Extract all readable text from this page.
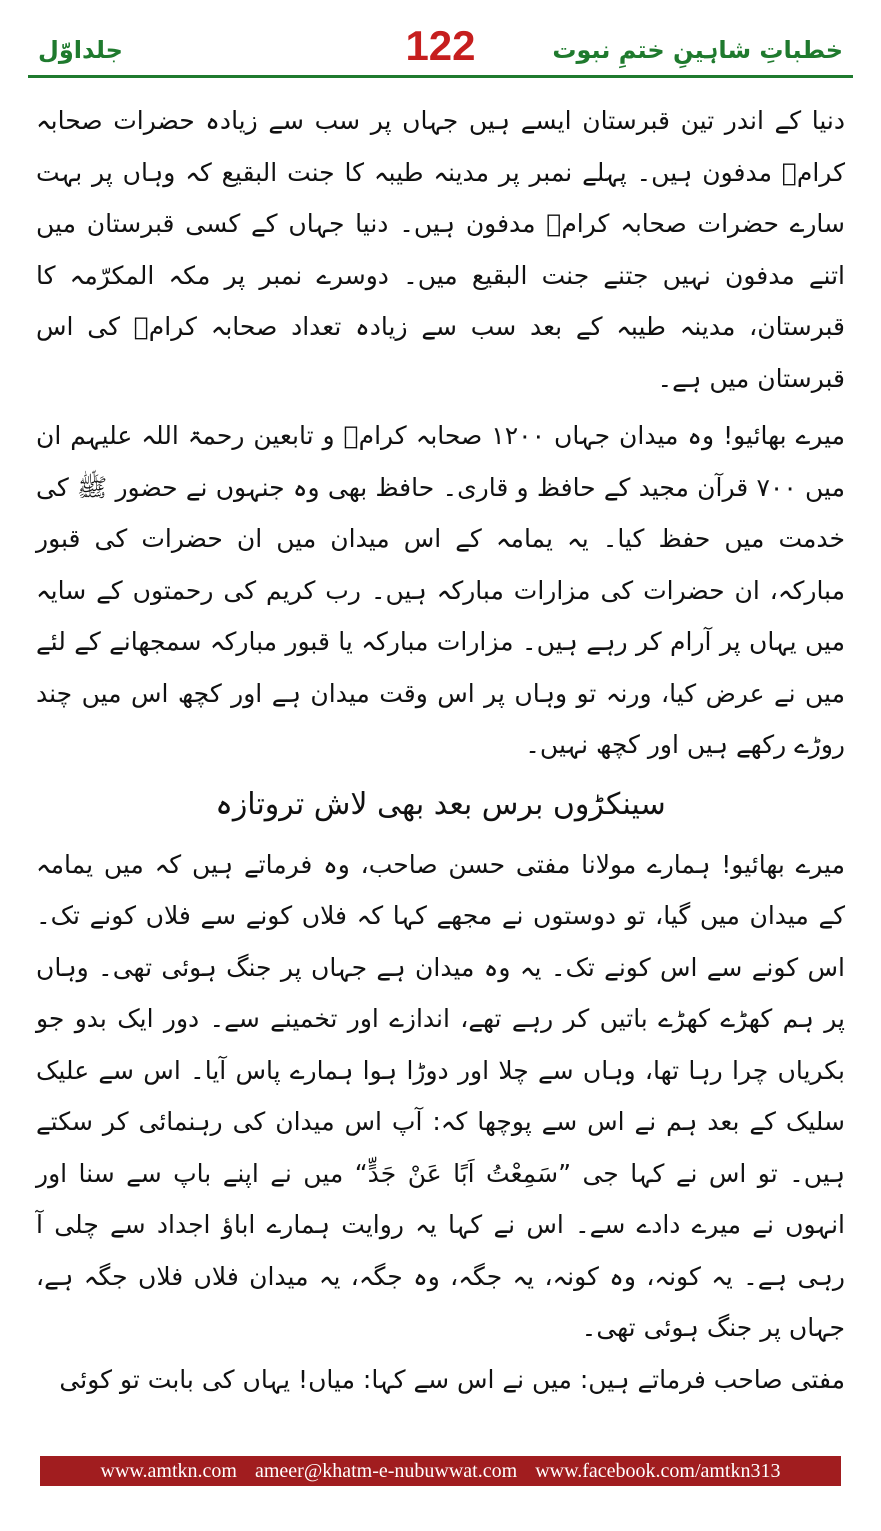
جلداوّل	122	خطباتِ شاہینِ ختمِ نبوت

دنیا کے اندر تین قبرستان ایسے ہیں جہاں پر سب سے زیادہ حضرات صحابہ کرامؓ مدفون ہیں۔ پہلے نمبر پر مدینہ طیبہ کا جنت البقیع کہ وہاں پر بہت سارے حضرات صحابہ کرامؓ مدفون ہیں۔ دنیا جہاں کے کسی قبرستان میں اتنے مدفون نہیں جتنے جنت البقیع میں۔ دوسرے نمبر پر مکہ المکرّمہ کا قبرستان، مدینہ طیبہ کے بعد سب سے زیادہ تعداد صحابہ کرامؓ کی اس قبرستان میں ہے۔

میرے بھائیو! وہ میدان جہاں ۱۲۰۰ صحابہ کرامؓ و تابعین رحمۃ اللہ علیہم ان میں ۷۰۰ قرآن مجید کے حافظ و قاری۔ حافظ بھی وہ جنہوں نے حضور ﷺ کی خدمت میں حفظ کیا۔ یہ یمامہ کے اس میدان میں ان حضرات کی قبور مبارکہ، ان حضرات کی مزارات مبارکہ ہیں۔ رب کریم کی رحمتوں کے سایہ میں یہاں پر آرام کر رہے ہیں۔ مزارات مبارکہ یا قبور مبارکہ سمجھانے کے لئے میں نے عرض کیا، ورنہ تو وہاں پر اس وقت میدان ہے اور کچھ اس میں چند روڑے رکھے ہیں اور کچھ نہیں۔

سینکڑوں برس بعد بھی لاش تروتازہ

میرے بھائیو! ہمارے مولانا مفتی حسن صاحب، وہ فرماتے ہیں کہ میں یمامہ کے میدان میں گیا، تو دوستوں نے مجھے کہا کہ فلاں کونے سے فلاں کونے تک۔ اس کونے سے اس کونے تک۔ یہ وہ میدان ہے جہاں پر جنگ ہوئی تھی۔ وہاں پر ہم کھڑے کھڑے باتیں کر رہے تھے، اندازے اور تخمینے سے۔ دور ایک بدو جو بکریاں چرا رہا تھا، وہاں سے چلا اور دوڑا ہوا ہمارے پاس آیا۔ اس سے علیک سلیک کے بعد ہم نے اس سے پوچھا کہ: آپ اس میدان کی رہنمائی کر سکتے ہیں۔ تو اس نے کہا جی ”سَمِعْتُ اَبًا عَنْ جَدٍّ“ میں نے اپنے باپ سے سنا اور انہوں نے میرے دادے سے۔ اس نے کہا یہ روایت ہمارے اباؤ اجداد سے چلی آ رہی ہے۔ یہ کونہ، وہ کونہ، یہ جگہ، وہ جگہ، یہ میدان فلاں فلاں جگہ ہے، جہاں پر جنگ ہوئی تھی۔

مفتی صاحب فرماتے ہیں: میں نے اس سے کہا: میاں! یہاں کی بابت تو کوئی

www.amtkn.com ameer@khatm-e-nubuwwat.com www.facebook.com/amtkn313
